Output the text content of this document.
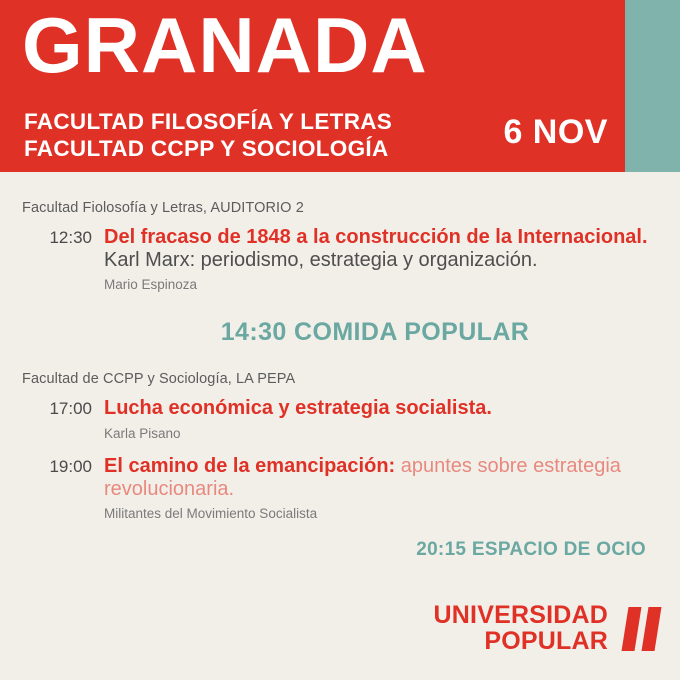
GRANADA
FACULTAD FILOSOFÍA Y LETRAS
FACULTAD CCPP Y SOCIOLOGÍA	6 NOV
Facultad Fiolosofía y Letras, AUDITORIO 2
12:30 Del fracaso de 1848 a la construcción de la Internacional. Karl Marx: periodismo, estrategia y organización.
Mario Espinoza
14:30 COMIDA POPULAR
Facultad de CCPP y Sociología, LA PEPA
17:00 Lucha económica y estrategia socialista.
Karla Pisano
19:00 El camino de la emancipación: apuntes sobre estrategia revolucionaria.
Militantes del Movimiento Socialista
20:15 ESPACIO DE OCIO
UNIVERSIDAD
POPULAR
